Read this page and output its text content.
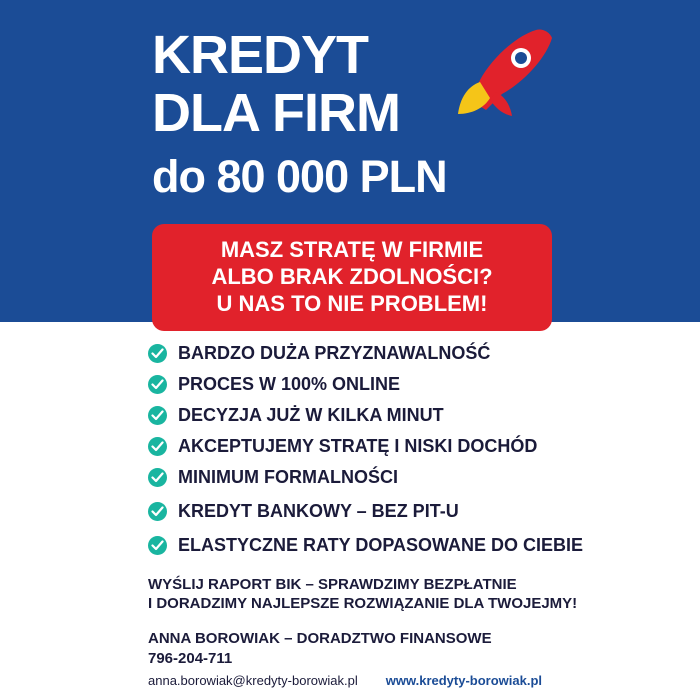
KREDYT
DLA FIRM
do 80 000 PLN
MASZ STRATĘ W FIRMIE
ALBO BRAK ZDOLNOŚCI?
U NAS TO NIE PROBLEM!
BARDZO DUŻA PRZYZNAWALNOŚĆ
PROCES W 100% ONLINE
DECYZJA JUŻ W KILKA MINUT
AKCEPTUJEMY STRATĘ I NISKI DOCHÓD
MINIMUM FORMALNOŚCI
KREDYT BANKOWY – BEZ PIT-U
ELASTYCZNE RATY DOPASOWANE DO CIEBIE
WYŚLIJ RAPORT BIK – SPRAWDZIMY BEZPŁATNIE
I DORADZIMY NAJLEPSZE ROZWIĄZANIE DLA TWOJEJMY!
ANNA BOROWIAK – DORADZTWO FINANSOWE
796-204-711
anna.borowiak@kredyty-borowiak.pl www.kredyty-borowiak.pl
